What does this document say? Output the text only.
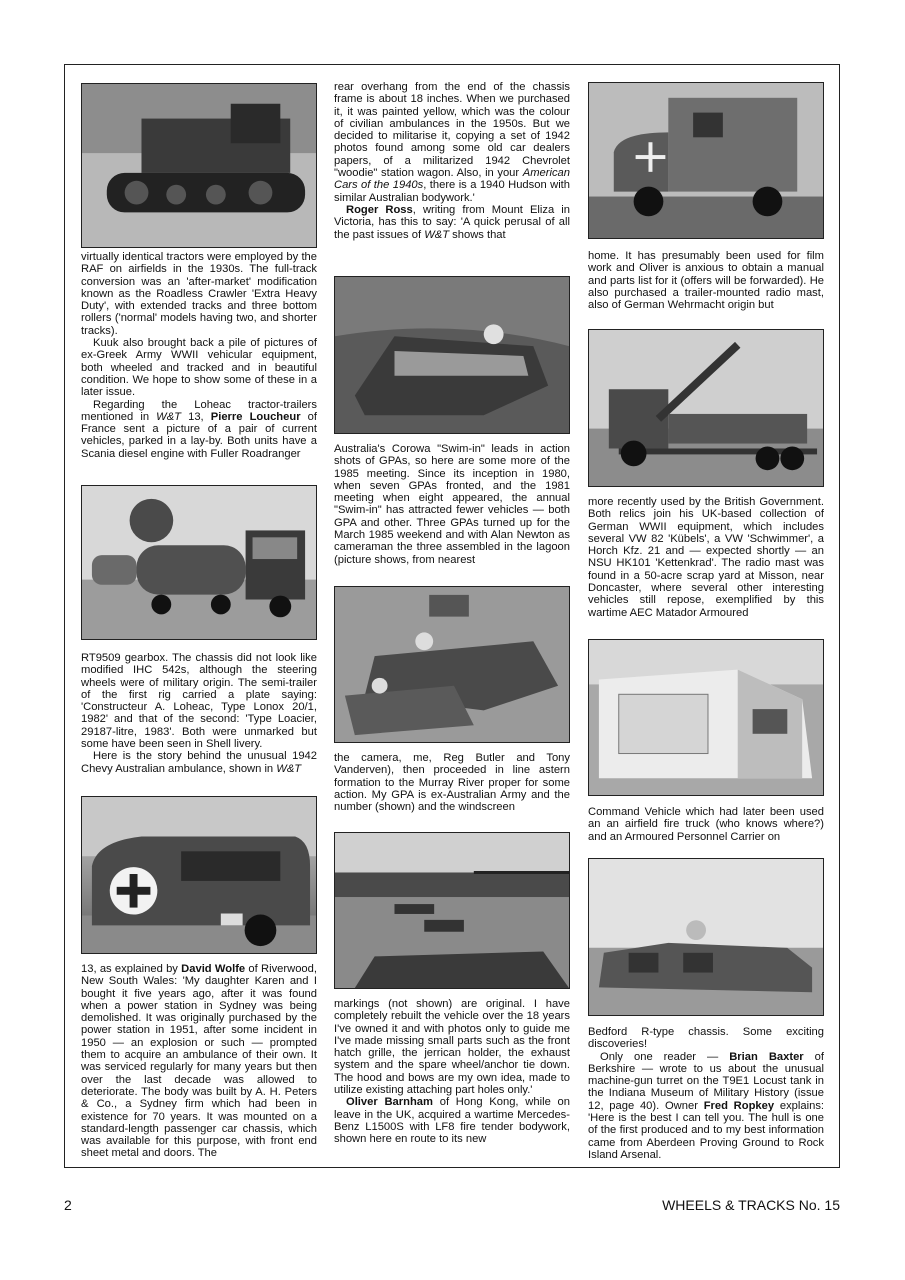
virtually identical tractors were employed by the RAF on airfields in the 1930s. The full-track conversion was an 'after-market' modification known as the Roadless Crawler 'Extra Heavy Duty', with extended tracks and three bottom rollers ('normal' models having two, and shorter tracks).

Kuuk also brought back a pile of pictures of ex-Greek Army WWII vehicular equipment, both wheeled and tracked and in beautiful condition. We hope to show some of these in a later issue.

Regarding the Loheac tractor-trailers mentioned in W&T 13, Pierre Loucheur of France sent a picture of a pair of current vehicles, parked in a lay-by. Both units have a Scania diesel engine with Fuller Roadranger

RT9509 gearbox. The chassis did not look like modified IHC 542s, although the steering wheels were of military origin. The semi-trailer of the first rig carried a plate saying: 'Constructeur A. Loheac, Type Lonox 20/1, 1982' and that of the second: 'Type Loacier, 29187-litre, 1983'. Both were unmarked but some have been seen in Shell livery.

Here is the story behind the unusual 1942 Chevy Australian ambulance, shown in W&T

13, as explained by David Wolfe of Riverwood, New South Wales: 'My daughter Karen and I bought it five years ago, after it was found when a power station in Sydney was being demolished. It was originally purchased by the power station in 1951, after some incident in 1950 — an explosion or such — prompted them to acquire an ambulance of their own. It was serviced regularly for many years but then over the last decade was allowed to deteriorate. The body was built by A. H. Peters & Co., a Sydney firm which had been in existence for 70 years. It was mounted on a standard-length passenger car chassis, which was available for this purpose, with front end sheet metal and doors. The

rear overhang from the end of the chassis frame is about 18 inches. When we purchased it, it was painted yellow, which was the colour of civilian ambulances in the 1950s. But we decided to militarise it, copying a set of 1942 photos found among some old car dealers papers, of a militarized 1942 Chevrolet "woodie" station wagon. Also, in your American Cars of the 1940s, there is a 1940 Hudson with similar Australian bodywork.'

Roger Ross, writing from Mount Eliza in Victoria, has this to say: 'A quick perusal of all the past issues of W&T shows that

Australia's Corowa "Swim-in" leads in action shots of GPAs, so here are some more of the 1985 meeting. Since its inception in 1980, when seven GPAs fronted, and the 1981 meeting when eight appeared, the annual "Swim-in" has attracted fewer vehicles — both GPA and other. Three GPAs turned up for the March 1985 weekend and with Alan Newton as cameraman the three assembled in the lagoon (picture shows, from nearest

the camera, me, Reg Butler and Tony Vanderven), then proceeded in line astern formation to the Murray River proper for some action. My GPA is ex-Australian Army and the number (shown) and the windscreen

markings (not shown) are original. I have completely rebuilt the vehicle over the 18 years I've owned it and with photos only to guide me I've made missing small parts such as the front hatch grille, the jerrican holder, the exhaust system and the spare wheel/anchor tie down. The hood and bows are my own idea, made to utilize existing attaching part holes only.'

Oliver Barnham of Hong Kong, while on leave in the UK, acquired a wartime Mercedes-Benz L1500S with LF8 fire tender bodywork, shown here en route to its new

home. It has presumably been used for film work and Oliver is anxious to obtain a manual and parts list for it (offers will be forwarded). He also purchased a trailer-mounted radio mast, also of German Wehrmacht origin but

more recently used by the British Government. Both relics join his UK-based collection of German WWII equipment, which includes several VW 82 'Kübels', a VW 'Schwimmer', a Horch Kfz. 21 and — expected shortly — an NSU HK101 'Kettenkrad'. The radio mast was found in a 50-acre scrap yard at Misson, near Doncaster, where several other interesting vehicles still repose, exemplified by this wartime AEC Matador Armoured

Command Vehicle which had later been used an an airfield fire truck (who knows where?) and an Armoured Personnel Carrier on

Bedford R-type chassis. Some exciting discoveries!

Only one reader — Brian Baxter of Berkshire — wrote to us about the unusual machine-gun turret on the T9E1 Locust tank in the Indiana Museum of Military History (issue 12, page 40). Owner Fred Ropkey explains: 'Here is the best I can tell you. The hull is one of the first produced and to my best information came from Aberdeen Proving Ground to Rock Island Arsenal.

2	WHEELS & TRACKS No. 15
